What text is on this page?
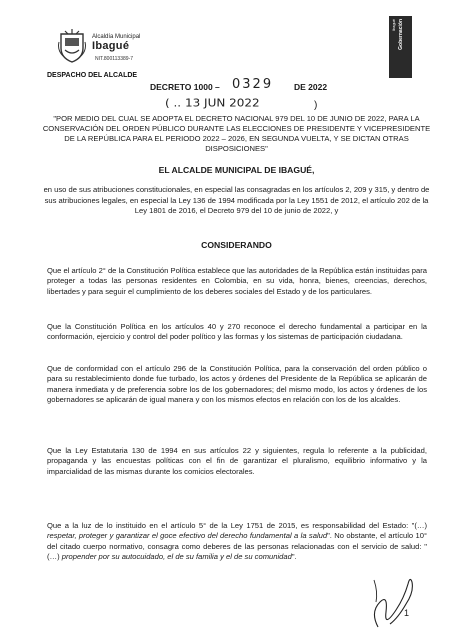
Alcaldía Municipal
Ibagué
NIT.800113389-7
DESPACHO DEL ALCALDE
Ibagué Gobernación
DECRETO 1000 – 0329 DE 2022
( .. 13 JUN 2022	)
"POR MEDIO DEL CUAL SE ADOPTA EL DECRETO NACIONAL 979 DEL 10 DE JUNIO DE 2022, PARA LA CONSERVACIÓN DEL ORDEN PÚBLICO DURANTE LAS ELECCIONES DE PRESIDENTE Y VICEPRESIDENTE DE LA REPÚBLICA PARA EL PERIODO 2022 – 2026, EN SEGUNDA VUELTA, Y SE DICTAN OTRAS DISPOSICIONES"
EL ALCALDE MUNICIPAL DE IBAGUÉ,
en uso de sus atribuciones constitucionales, en especial las consagradas en los artículos 2, 209 y 315, y dentro de sus atribuciones legales, en especial la Ley 136 de 1994 modificada por la Ley 1551 de 2012, el artículo 202 de la Ley 1801 de 2016, el Decreto 979 del 10 de junio de 2022, y
CONSIDERANDO
Que el artículo 2° de la Constitución Política establece que las autoridades de la República están instituidas para proteger a todas las personas residentes en Colombia, en su vida, honra, bienes, creencias, derechos, libertades y para seguir el cumplimiento de los deberes sociales del Estado y de los particulares.
Que la Constitución Política en los artículos 40 y 270 reconoce el derecho fundamental a participar en la conformación, ejercicio y control del poder político y las formas y los sistemas de participación ciudadana.
Que de conformidad con el artículo 296 de la Constitución Política, para la conservación del orden público o para su restablecimiento donde fue turbado, los actos y órdenes del Presidente de la República se aplicarán de manera inmediata y de preferencia sobre los de los gobernadores; del mismo modo, los actos y órdenes de los gobernadores se aplicarán de igual manera y con los mismos efectos en relación con los de los alcaldes.
Que la Ley Estatutaria 130 de 1994 en sus artículos 22 y siguientes, regula lo referente a la publicidad, propaganda y las encuestas políticas con el fin de garantizar el pluralismo, equilibrio informativo y la imparcialidad de las mismas durante los comicios electorales.
Que a la luz de lo instituido en el artículo 5° de la Ley 1751 de 2015, es responsabilidad del Estado: "(…) respetar, proteger y garantizar el goce efectivo del derecho fundamental a la salud". No obstante, el artículo 10° del citado cuerpo normativo, consagra como deberes de las personas relacionadas con el servicio de salud: "(…) propender por su autocuidado, el de su familia y el de su comunidad".
1
